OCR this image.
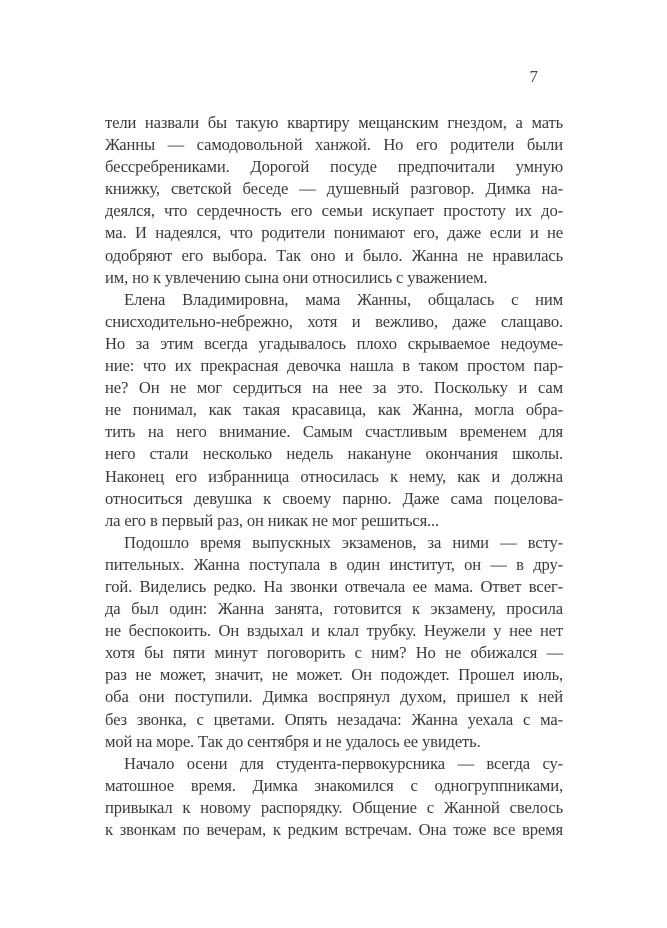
7
тели назвали бы такую квартиру мещанским гнездом, а мать
Жанны — самодовольной ханжой. Но его родители были
бессребрениками. Дорогой посуде предпочитали умную
книжку, светской беседе — душевный разговор. Димка на-
деялся, что сердечность его семьи искупает простоту их до-
ма. И надеялся, что родители понимают его, даже если и не
одобряют его выбора. Так оно и было. Жанна не нравилась
им, но к увлечению сына они относились с уважением.
Елена Владимировна, мама Жанны, общалась с ним
снисходительно-небрежно, хотя и вежливо, даже слащаво.
Но за этим всегда угадывалось плохо скрываемое недоуме-
ние: что их прекрасная девочка нашла в таком простом пар-
не? Он не мог сердиться на нее за это. Поскольку и сам
не понимал, как такая красавица, как Жанна, могла обра-
тить на него внимание. Самым счастливым временем для
него стали несколько недель накануне окончания школы.
Наконец его избранница относилась к нему, как и должна
относиться девушка к своему парню. Даже сама поцелова-
ла его в первый раз, он никак не мог решиться...
Подошло время выпускных экзаменов, за ними — всту-
пительных. Жанна поступала в один институт, он — в дру-
гой. Виделись редко. На звонки отвечала ее мама. Ответ всег-
да был один: Жанна занята, готовится к экзамену, просила
не беспокоить. Он вздыхал и клал трубку. Неужели у нее нет
хотя бы пяти минут поговорить с ним? Но не обижался —
раз не может, значит, не может. Он подождет. Прошел июль,
оба они поступили. Димка воспрянул духом, пришел к ней
без звонка, с цветами. Опять незадача: Жанна уехала с ма-
мой на море. Так до сентября и не удалось ее увидеть.
Начало осени для студента-первокурсника — всегда су-
матошное время. Димка знакомился с одногруппниками,
привыкал к новому распорядку. Общение с Жанной свелось
к звонкам по вечерам, к редким встречам. Она тоже все время
